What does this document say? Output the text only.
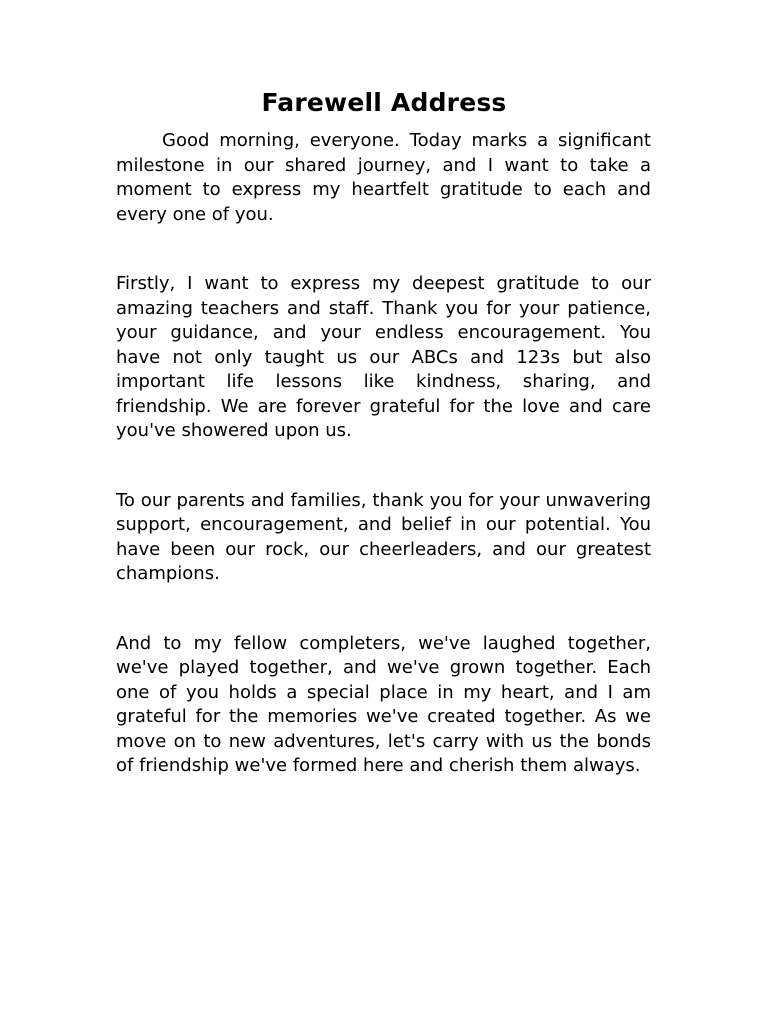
Farewell Address

Good morning, everyone. Today marks a significant milestone in our shared journey, and I want to take a moment to express my heartfelt gratitude to each and every one of you.

Firstly, I want to express my deepest gratitude to our amazing teachers and staff. Thank you for your patience, your guidance, and your endless encouragement. You have not only taught us our ABCs and 123s but also important life lessons like kindness, sharing, and friendship. We are forever grateful for the love and care you've showered upon us.

To our parents and families, thank you for your unwavering support, encouragement, and belief in our potential. You have been our rock, our cheerleaders, and our greatest champions.

And to my fellow completers, we've laughed together, we've played together, and we've grown together. Each one of you holds a special place in my heart, and I am grateful for the memories we've created together. As we move on to new adventures, let's carry with us the bonds of friendship we've formed here and cherish them always.
